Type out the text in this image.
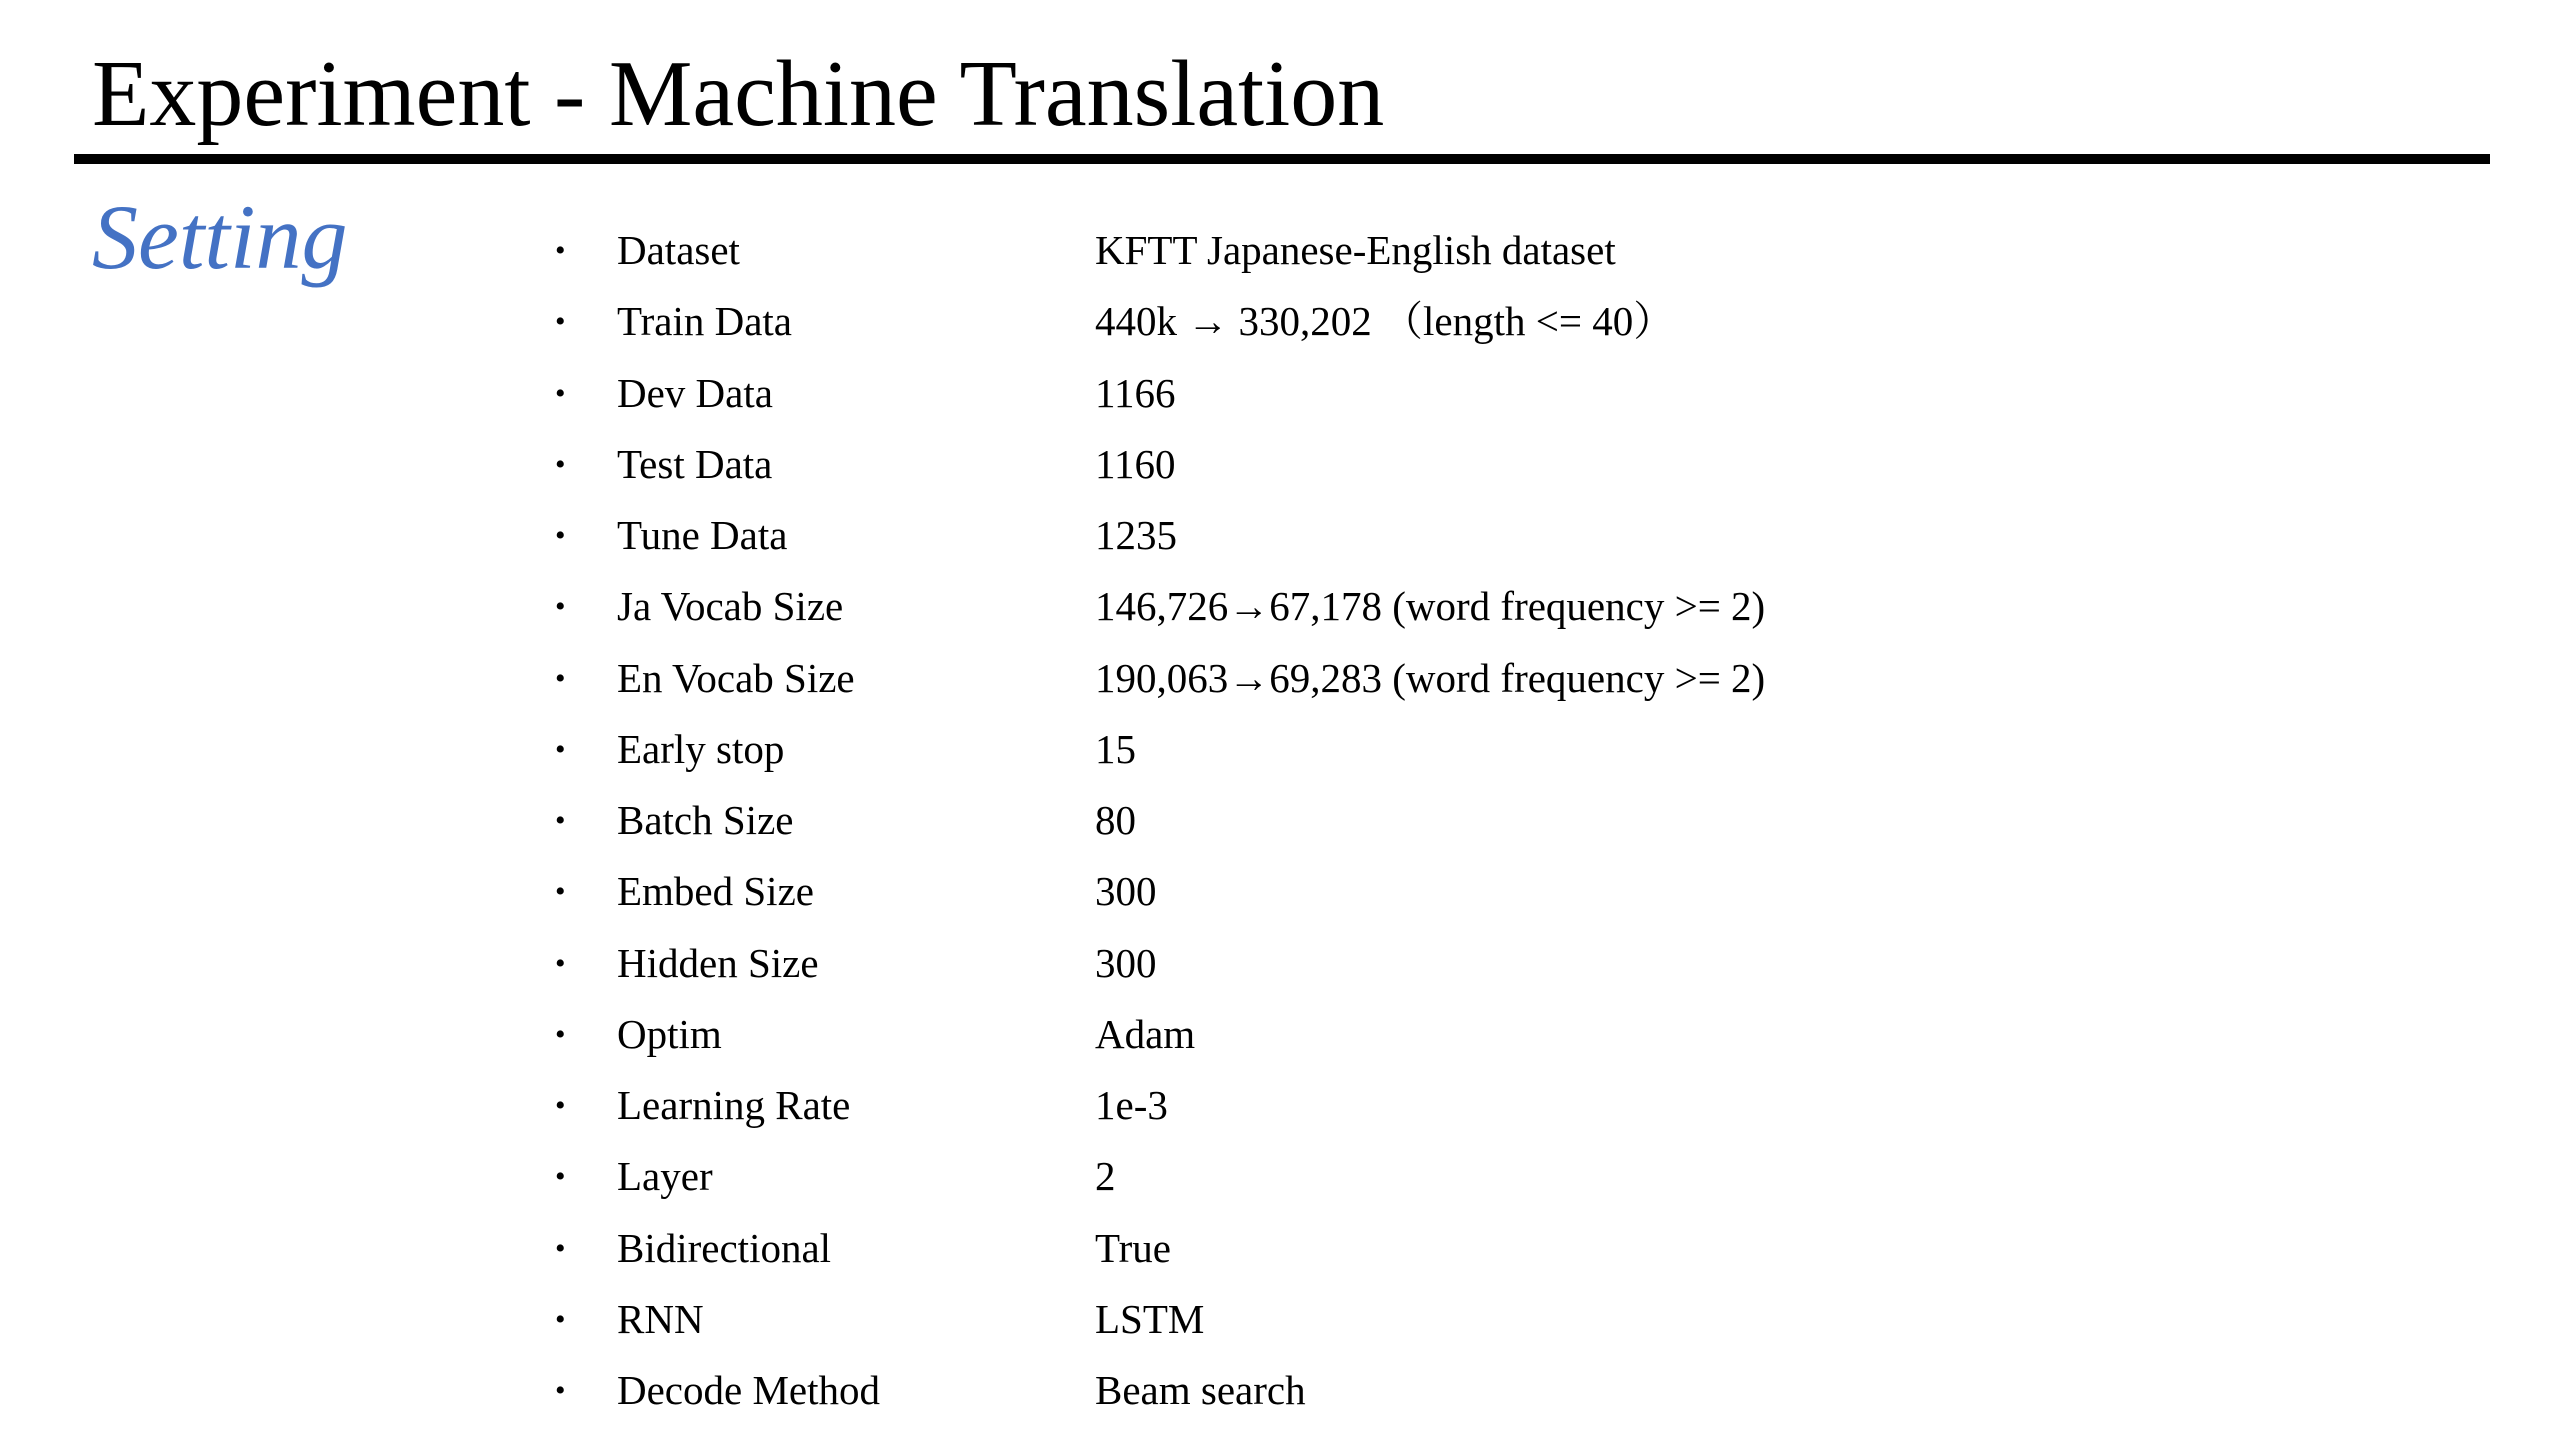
Experiment - Machine Translation
Setting	• Dataset	KFTT Japanese-English dataset
• Train Data	440k → 330,202 （length <= 40）
• Dev Data	1166
• Test Data	1160
• Tune Data	1235
• Ja Vocab Size	146,726→67,178 (word frequency >= 2)
• En Vocab Size	190,063→69,283 (word frequency >= 2)
• Early stop	15
• Batch Size	80
• Embed Size	300
• Hidden Size	300
• Optim	Adam
• Learning Rate	1e-3
• Layer	2
• Bidirectional	True
• RNN	LSTM
• Decode Method	Beam search
